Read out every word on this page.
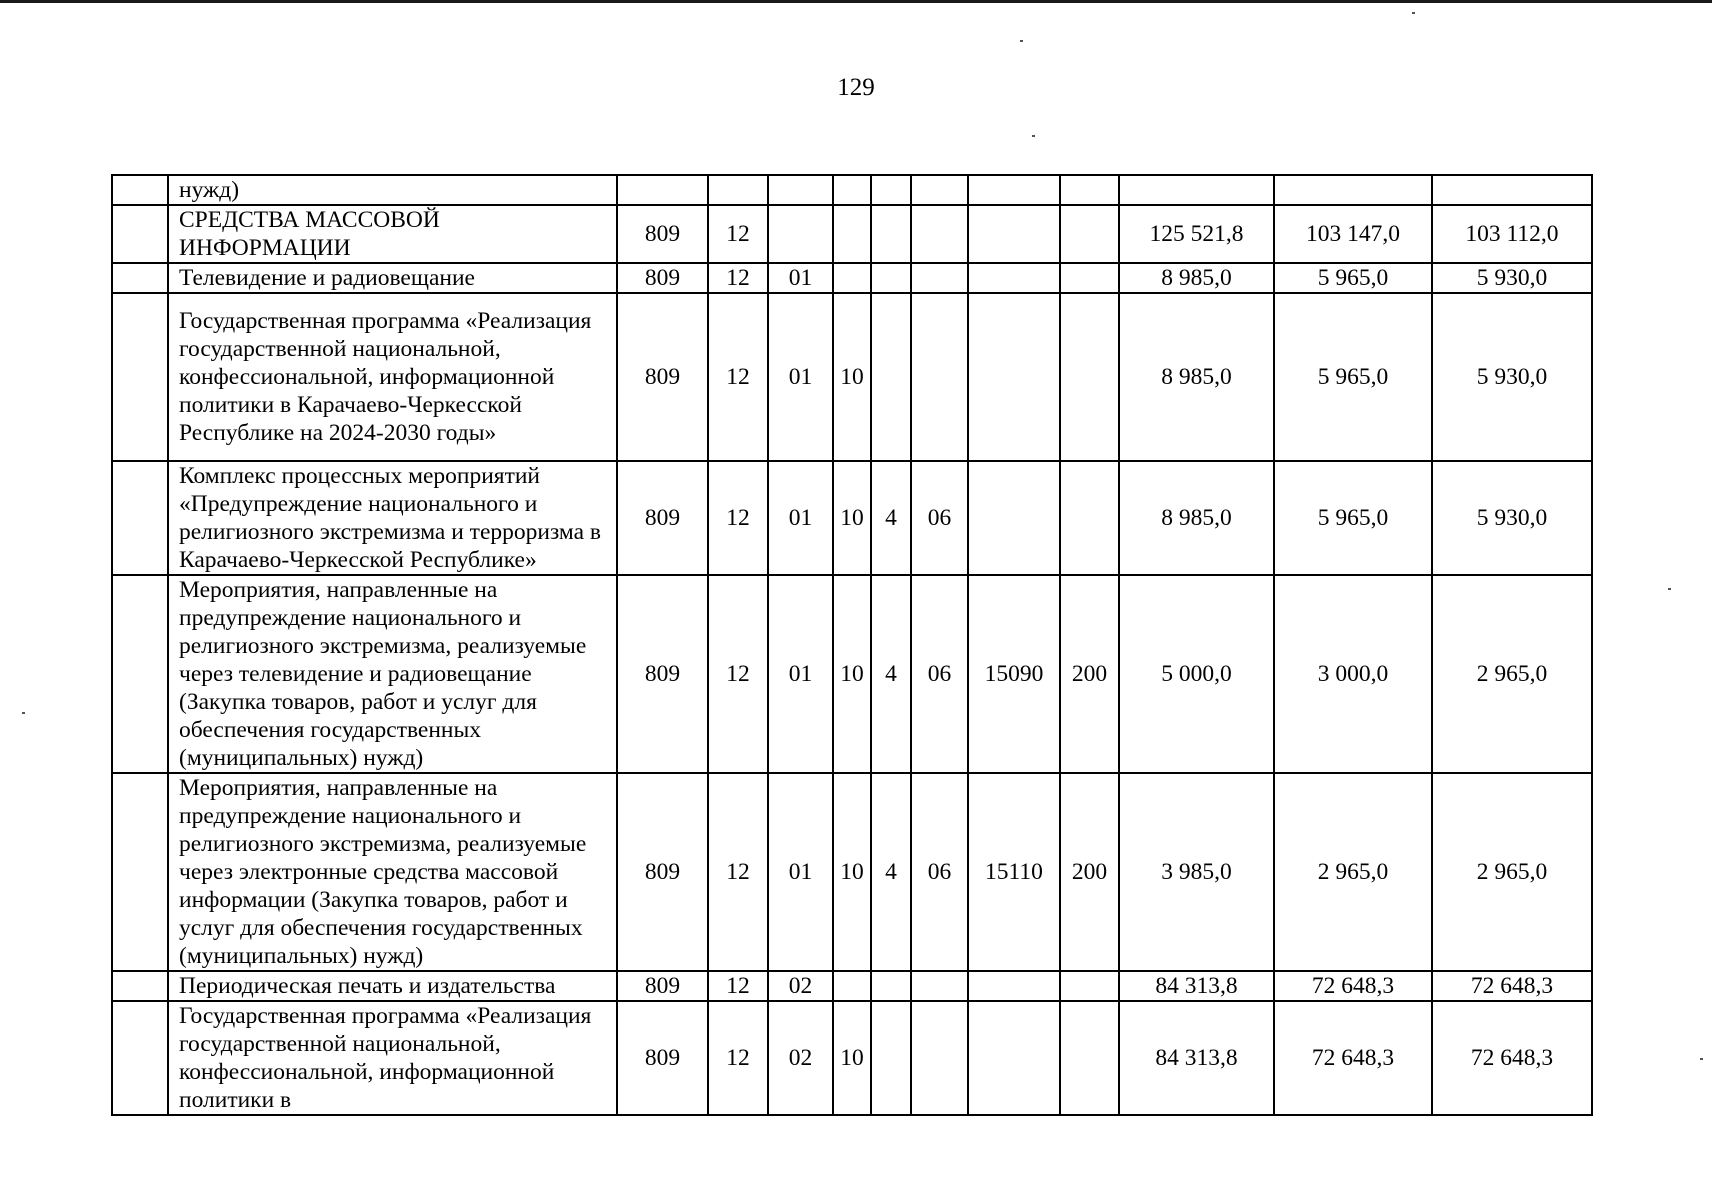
129
	нужд)											
	СРЕДСТВА МАССОВОЙ ИНФОРМАЦИИ	809	12							125 521,8	103 147,0	103 112,0
	Телевидение и радиовещание	809	12	01						8 985,0	5 965,0	5 930,0
	Государственная программа «Реализация государственной национальной, конфессиональной, информационной политики в Карачаево-Черкесской Республике на 2024-2030 годы»	809	12	01	10					8 985,0	5 965,0	5 930,0
	Комплекс процессных мероприятий «Предупреждение национального и религиозного экстремизма и терроризма в Карачаево-Черкесской Республике»	809	12	01	10	4	06			8 985,0	5 965,0	5 930,0
	Мероприятия, направленные на предупреждение национального и религиозного экстремизма, реализуемые через телевидение и радиовещание (Закупка товаров, работ и услуг для обеспечения государственных (муниципальных) нужд)	809	12	01	10	4	06	15090	200	5 000,0	3 000,0	2 965,0
	Мероприятия, направленные на предупреждение национального и религиозного экстремизма, реализуемые через электронные средства массовой информации (Закупка товаров, работ и услуг для обеспечения государственных (муниципальных) нужд)	809	12	01	10	4	06	15110	200	3 985,0	2 965,0	2 965,0
	Периодическая печать и издательства	809	12	02						84 313,8	72 648,3	72 648,3
	Государственная программа «Реализация государственной национальной, конфессиональной, информационной политики в	809	12	02	10					84 313,8	72 648,3	72 648,3
